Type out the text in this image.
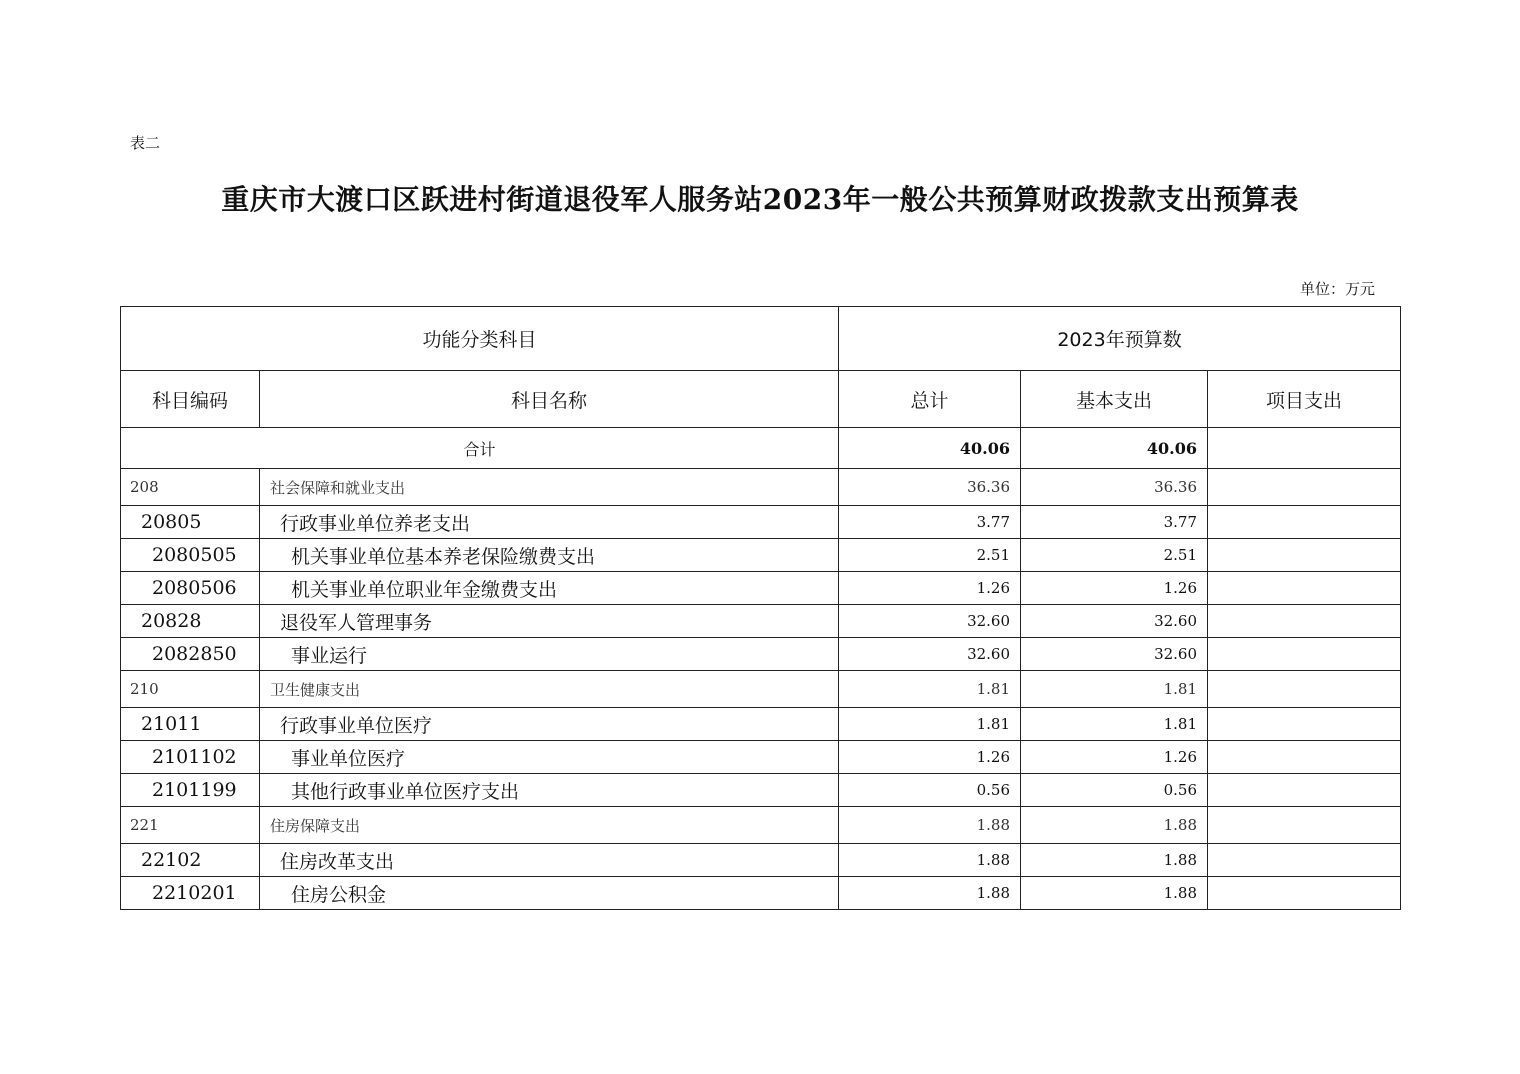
表二
重庆市大渡口区跃进村街道退役军人服务站2023年一般公共预算财政拨款支出预算表
单位：万元
功能分类科目		2023年预算数		
科目编码	科目名称	总计	基本支出	项目支出
合计		40.06	40.06	
208	社会保障和就业支出	36.36	36.36	
20805	行政事业单位养老支出	3.77	3.77	
2080505	机关事业单位基本养老保险缴费支出	2.51	2.51	
2080506	机关事业单位职业年金缴费支出	1.26	1.26	
20828	退役军人管理事务	32.60	32.60	
2082850	事业运行	32.60	32.60	
210	卫生健康支出	1.81	1.81	
21011	行政事业单位医疗	1.81	1.81	
2101102	事业单位医疗	1.26	1.26	
2101199	其他行政事业单位医疗支出	0.56	0.56	
221	住房保障支出	1.88	1.88	
22102	住房改革支出	1.88	1.88	
2210201	住房公积金	1.88	1.88	
